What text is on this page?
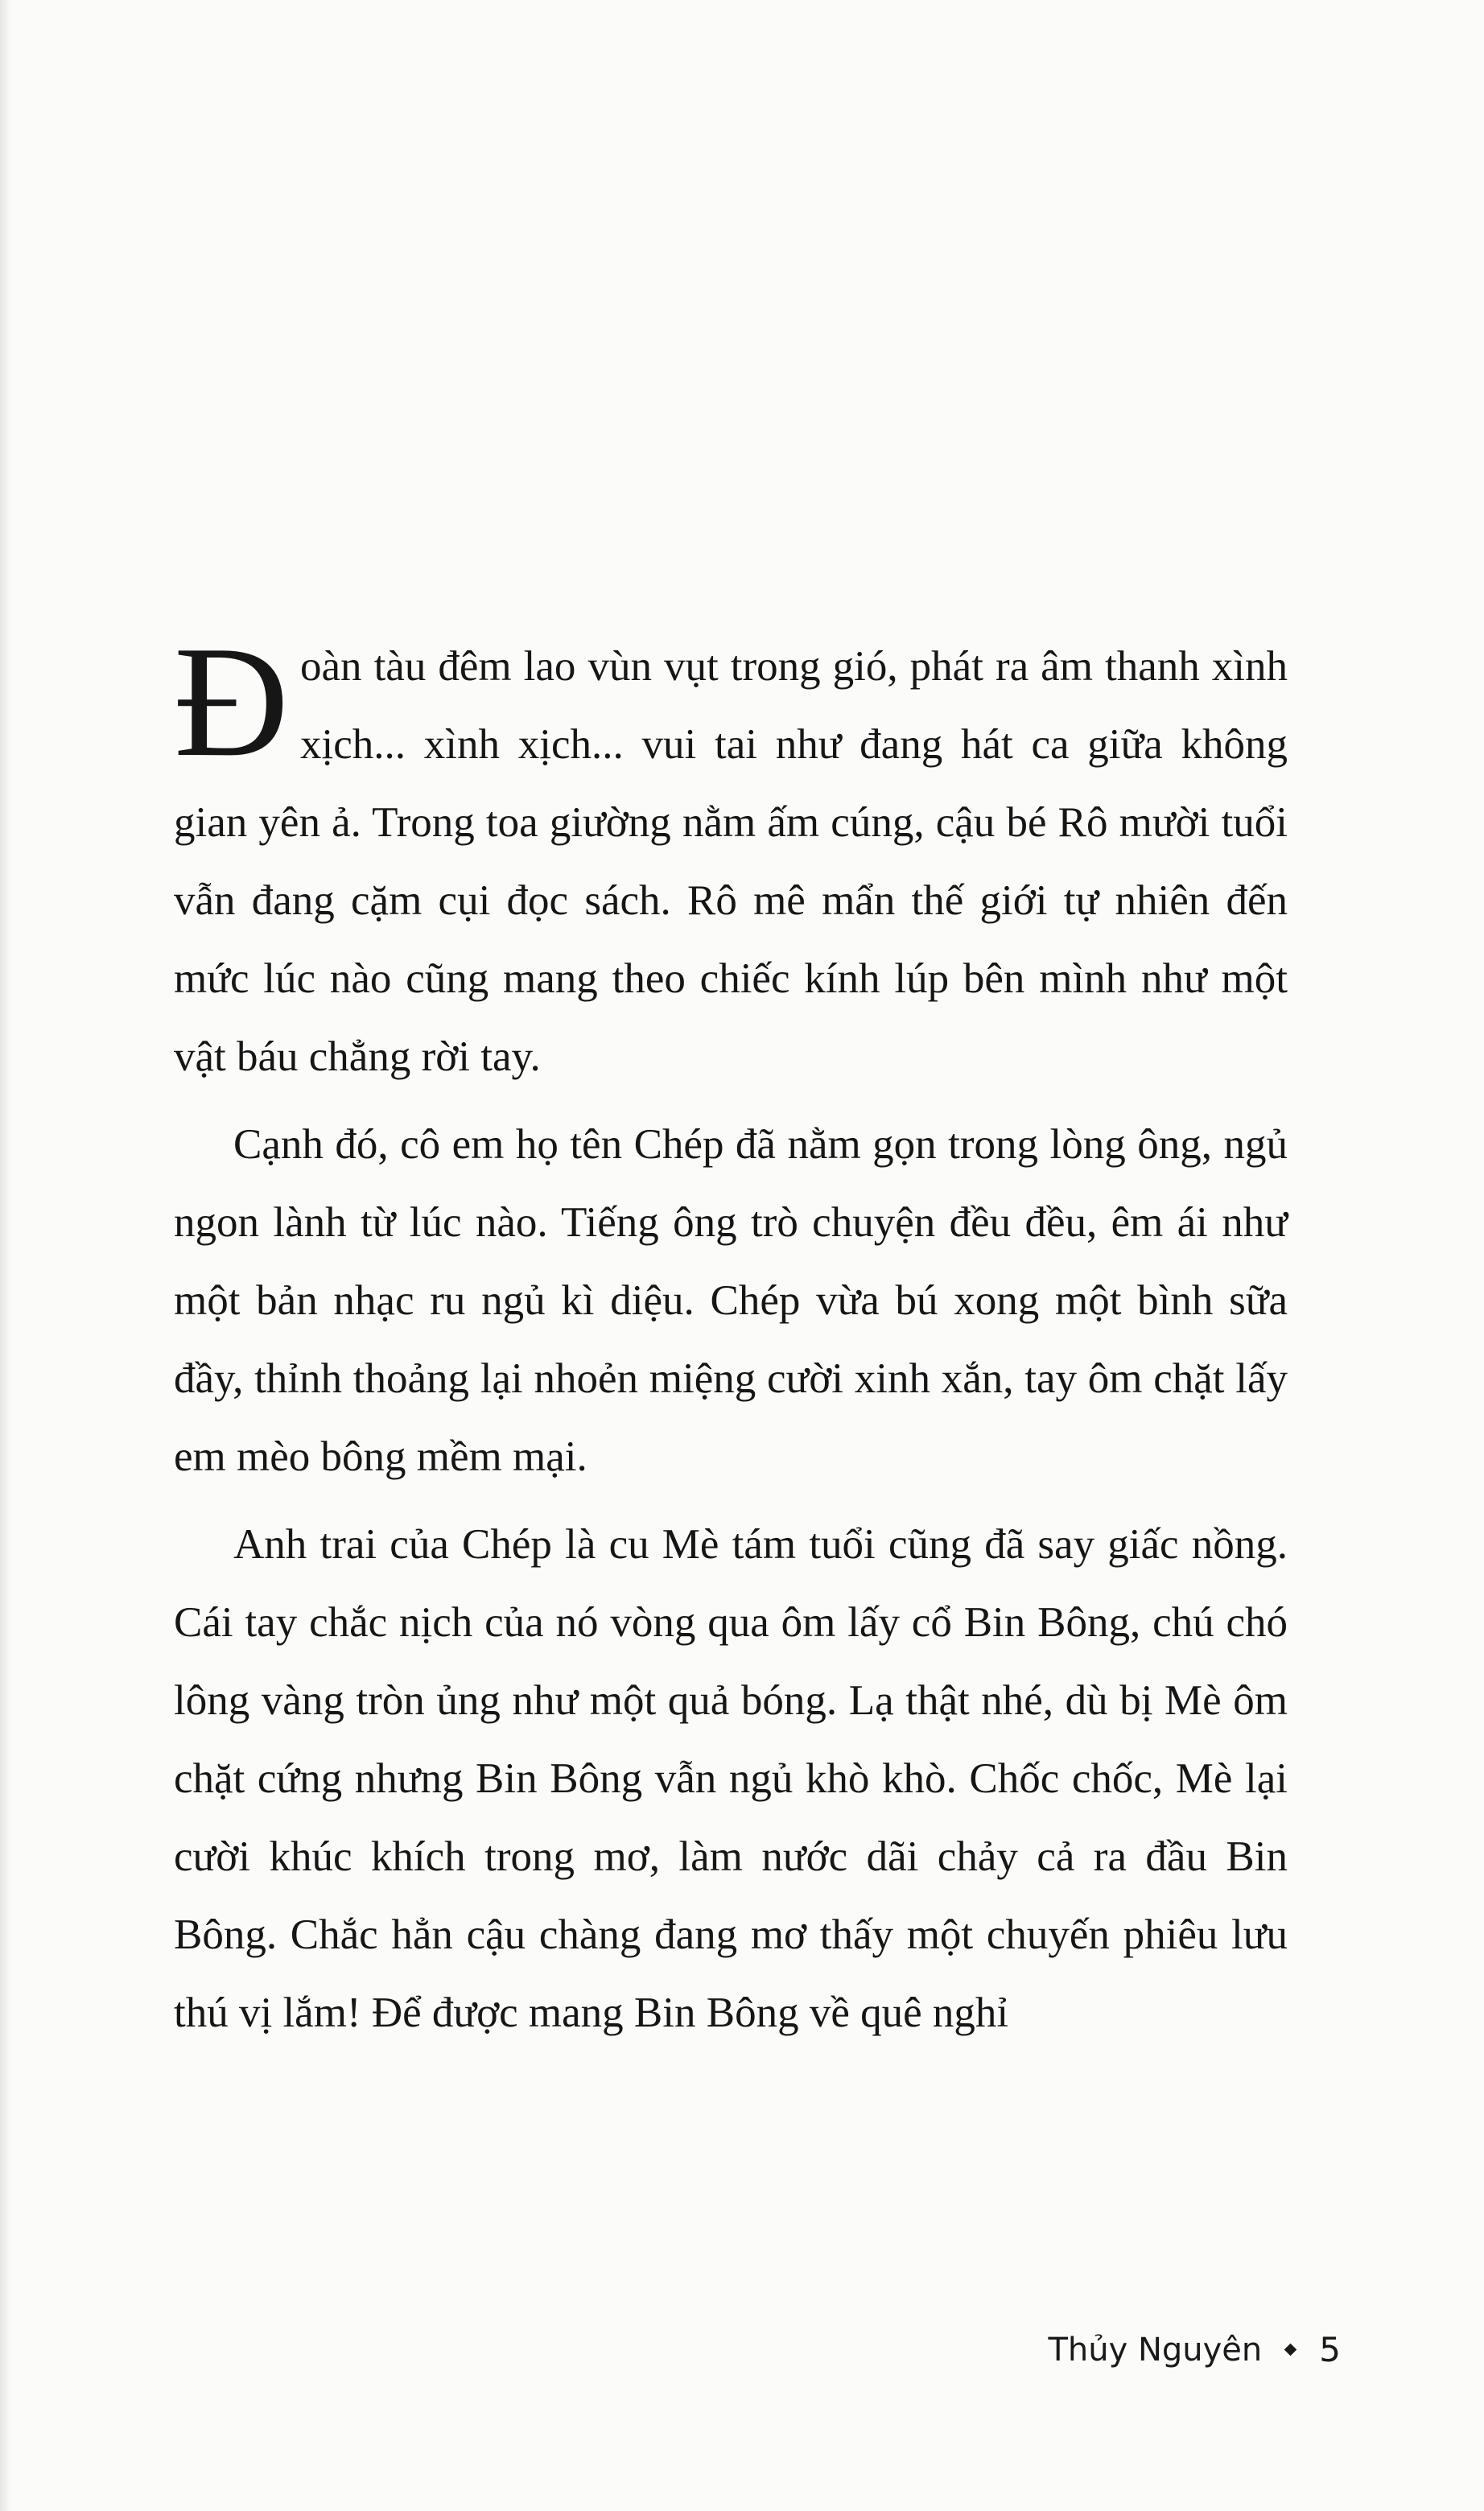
Đoàn tàu đêm lao vùn vụt trong gió, phát ra âm thanh xình xịch... xình xịch... vui tai như đang hát ca giữa không gian yên ả. Trong toa giường nằm ấm cúng, cậu bé Rô mười tuổi vẫn đang cặm cụi đọc sách. Rô mê mẩn thế giới tự nhiên đến mức lúc nào cũng mang theo chiếc kính lúp bên mình như một vật báu chẳng rời tay.

Cạnh đó, cô em họ tên Chép đã nằm gọn trong lòng ông, ngủ ngon lành từ lúc nào. Tiếng ông trò chuyện đều đều, êm ái như một bản nhạc ru ngủ kì diệu. Chép vừa bú xong một bình sữa đầy, thỉnh thoảng lại nhoẻn miệng cười xinh xắn, tay ôm chặt lấy em mèo bông mềm mại.

Anh trai của Chép là cu Mè tám tuổi cũng đã say giấc nồng. Cái tay chắc nịch của nó vòng qua ôm lấy cổ Bin Bông, chú chó lông vàng tròn ủng như một quả bóng. Lạ thật nhé, dù bị Mè ôm chặt cứng nhưng Bin Bông vẫn ngủ khò khò. Chốc chốc, Mè lại cười khúc khích trong mơ, làm nước dãi chảy cả ra đầu Bin Bông. Chắc hẳn cậu chàng đang mơ thấy một chuyến phiêu lưu thú vị lắm! Để được mang Bin Bông về quê nghỉ

Thủy Nguyên 5
